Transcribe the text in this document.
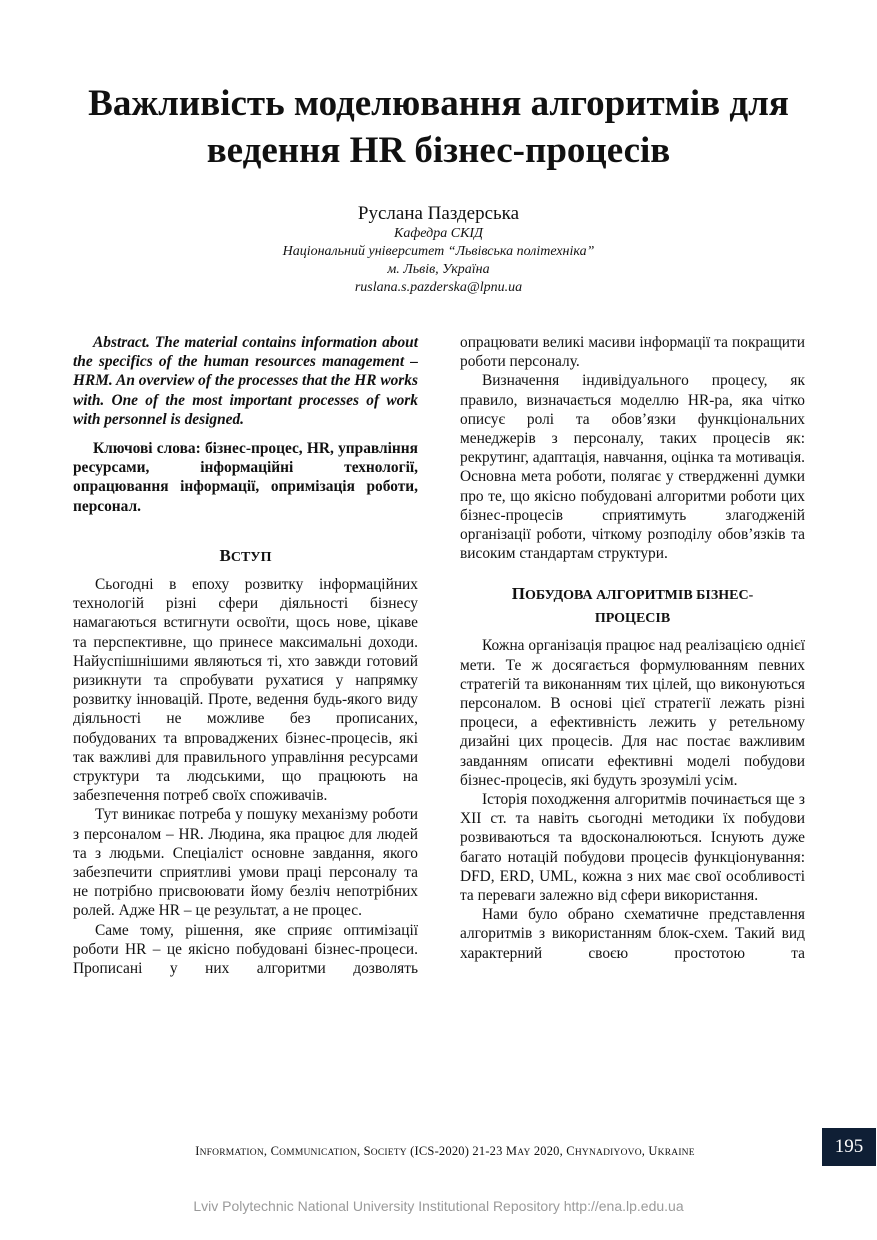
Важливість моделювання алгоритмів для
ведення HR бізнес-процесів
Руслана Паздерська
Кафедра СКІД
Національний університет “Львівська політехніка”
м. Львів, Україна
ruslana.s.pazderska@lpnu.ua

Abstract. The material contains information about the specifics of the human resources management – HRM. An overview of the processes that the HR works with. One of the most important processes of work with personnel is designed.

Ключові слова: бізнес-процес, HR, управління ресурсами, інформаційні технології, опрацювання інформації, опримізація роботи, персонал.

ВСТУП

Сьогодні в епоху розвитку інформаційних технологій різні сфери діяльності бізнесу намагаються встигнути освоїти, щось нове, цікаве та перспективне, що принесе максимальні доходи. Найуспішнішими являються ті, хто завжди готовий ризикнути та спробувати рухатися у напрямку розвитку інновацій. Проте, ведення будь-якого виду діяльності не можливе без прописаних, побудованих та впроваджених бізнес-процесів, які так важливі для правильного управління ресурсами структури та людськими, що працюють на забезпечення потреб своїх споживачів.

Тут виникає потреба у пошуку механізму роботи з персоналом – HR. Людина, яка працює для людей та з людьми. Спеціаліст основне завдання, якого забезпечити сприятливі умови праці персоналу та не потрібно присвоювати йому безліч непотрібних ролей. Адже HR – це результат, а не процес.

Саме тому, рішення, яке сприяє оптимізації роботи HR – це якісно побудовані бізнес-процеси. Прописані у них алгоритми дозволять

опрацювати великі масиви інформації та покращити роботи персоналу.

Визначення індивідуального процесу, як правило, визначається моделлю HR-ра, яка чітко описує ролі та обов’язки функціональних менеджерів з персоналу, таких процесів як: рекрутинг, адаптація, навчання, оцінка та мотивація. Основна мета роботи, полягає у ствердженні думки про те, що якісно побудовані алгоритми роботи цих бізнес-процесів сприятимуть злагодженій організації роботи, чіткому розподілу обов’язків та високим стандартам структури.

ПОБУДОВА АЛГОРИТМІВ БІЗНЕС-
ПРОЦЕСІВ

Кожна організація працює над реалізацією однієї мети. Те ж досягається формулюванням певних стратегій та виконанням тих цілей, що виконуються персоналом. В основі цієї стратегії лежать різні процеси, а ефективність лежить у ретельному дизайні цих процесів. Для нас постає важливим завданням описати ефективні моделі побудови бізнес-процесів, які будуть зрозумілі усім.

Історія походження алгоритмів починається ще з XII ст. та навіть сьогодні методики їх побудови розвиваються та вдосконалюються. Існують дуже багато нотацій побудови процесів функціонування: DFD, ERD, UML, кожна з них має свої особливості та переваги залежно від сфери використання.

Нами було обрано схематичне представлення алгоритмів з використанням блок-схем. Такий вид характерний своєю простотою та

INFORMATION, COMMUNICATION, SOCIETY (ICS-2020) 21-23 MAY 2020, CHYNADIYOVO, UKRAINE	195
Lviv Polytechnic National University Institutional Repository http://ena.lp.edu.ua
